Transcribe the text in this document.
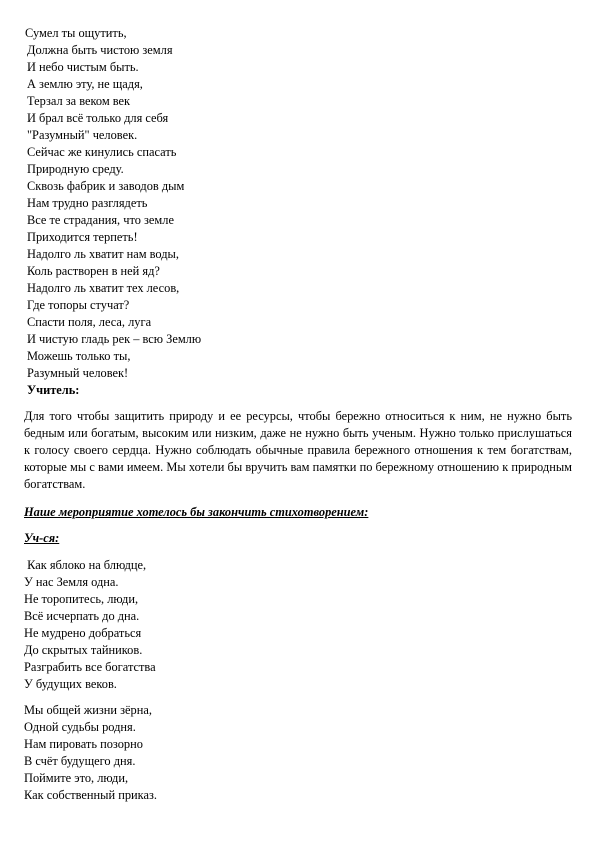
Сумел ты ощутить,
Должна быть чистою земля
И небо чистым быть.
А землю эту, не щадя,
Терзал за веком век
И брал всё только для себя
"Разумный" человек.
Сейчас же кинулись спасать
Природную среду.
Сквозь фабрик и заводов дым
Нам трудно разглядеть
Все те страдания, что земле
Приходится терпеть!
Надолго ль хватит нам воды,
Коль растворен в ней яд?
Надолго ль хватит тех лесов,
Где топоры стучат?
Спасти поля, леса, луга
И чистую гладь рек – всю Землю
Можешь только ты,
Разумный человек!
Учитель:
Для того чтобы защитить природу и ее ресурсы, чтобы бережно относиться к ним, не нужно быть бедным или богатым, высоким или низким, даже не нужно быть ученым. Нужно только прислушаться к голосу своего сердца. Нужно соблюдать обычные правила бережного отношения к тем богатствам, которые мы с вами имеем. Мы хотели бы вручить вам памятки по бережному отношению к природным богатствам.
Наше мероприятие хотелось бы закончить стихотворением:
Уч-ся:
Как яблоко на блюдце,
У нас Земля одна.
Не торопитесь, люди,
Всё исчерпать до дна.
Не мудрено добраться
До скрытых тайников.
Разграбить все богатства
У будущих веков.
Мы общей жизни зёрна,
Одной судьбы родня.
Нам пировать позорно
В счёт будущего дня.
Поймите это, люди,
Как собственный приказ.
